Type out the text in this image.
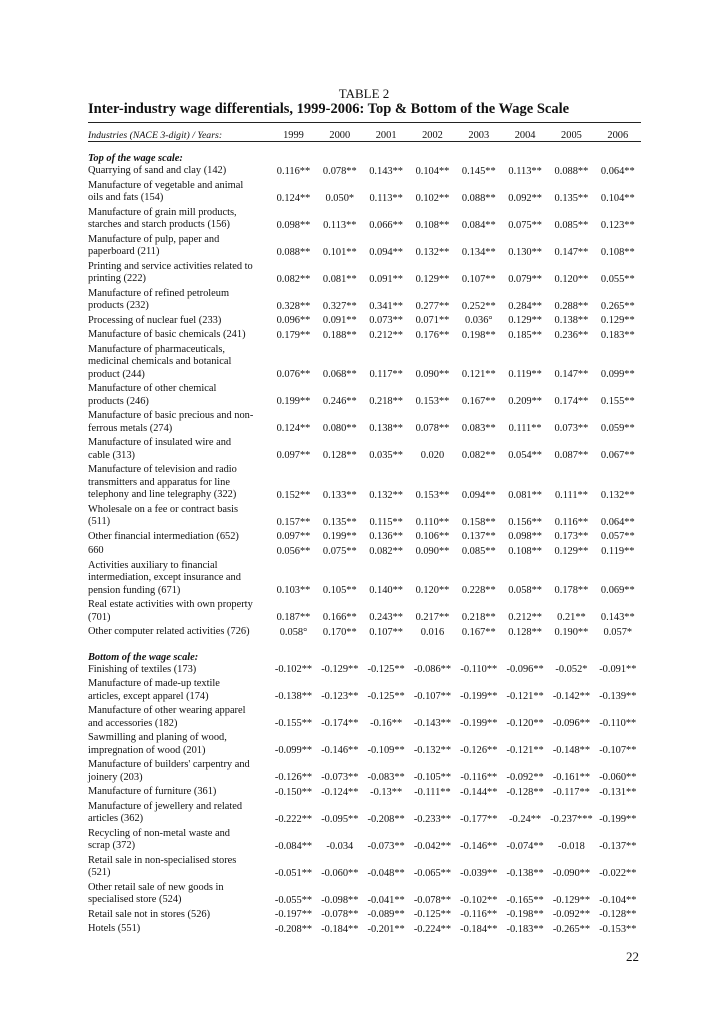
TABLE 2
Inter-industry wage differentials, 1999-2006: Top & Bottom of the Wage Scale
Industries (NACE 3-digit) / Years:	1999	2000	2001	2002	2003	2004	2005	2006

Top of the wage scale:								
Quarrying of sand and clay (142)	0.116**	0.078**	0.143**	0.104**	0.145**	0.113**	0.088**	0.064**
Manufacture of vegetable and animal
oils and fats (154)	0.124**	0.050*	0.113**	0.102**	0.088**	0.092**	0.135**	0.104**
Manufacture of grain mill products,
starches and starch products (156)	0.098**	0.113**	0.066**	0.108**	0.084**	0.075**	0.085**	0.123**
Manufacture of pulp, paper and
paperboard (211)	0.088**	0.101**	0.094**	0.132**	0.134**	0.130**	0.147**	0.108**
Printing and service activities related to
printing (222)	0.082**	0.081**	0.091**	0.129**	0.107**	0.079**	0.120**	0.055**
Manufacture of refined petroleum
products (232)	0.328**	0.327**	0.341**	0.277**	0.252**	0.284**	0.288**	0.265**
Processing of nuclear fuel (233)	0.096**	0.091**	0.073**	0.071**	0.036°	0.129**	0.138**	0.129**
Manufacture of basic chemicals (241)	0.179**	0.188**	0.212**	0.176**	0.198**	0.185**	0.236**	0.183**
Manufacture of pharmaceuticals,
medicinal chemicals and botanical
product (244)	0.076**	0.068**	0.117**	0.090**	0.121**	0.119**	0.147**	0.099**
Manufacture of other chemical
products (246)	0.199**	0.246**	0.218**	0.153**	0.167**	0.209**	0.174**	0.155**
Manufacture of basic precious and non-
ferrous metals (274)	0.124**	0.080**	0.138**	0.078**	0.083**	0.111**	0.073**	0.059**
Manufacture of insulated wire and
cable (313)	0.097**	0.128**	0.035**	0.020	0.082**	0.054**	0.087**	0.067**
Manufacture of television and radio
transmitters and apparatus for line
telephony and line telegraphy (322)	0.152**	0.133**	0.132**	0.153**	0.094**	0.081**	0.111**	0.132**
Wholesale on a fee or contract basis
(511)	0.157**	0.135**	0.115**	0.110**	0.158**	0.156**	0.116**	0.064**
Other financial intermediation (652)	0.097**	0.199**	0.136**	0.106**	0.137**	0.098**	0.173**	0.057**
660	0.056**	0.075**	0.082**	0.090**	0.085**	0.108**	0.129**	0.119**
Activities auxiliary to financial
intermediation, except insurance and
pension funding (671)	0.103**	0.105**	0.140**	0.120**	0.228**	0.058**	0.178**	0.069**
Real estate activities with own property
(701)	0.187**	0.166**	0.243**	0.217**	0.218**	0.212**	0.21**	0.143**
Other computer related activities (726)	0.058°	0.170**	0.107**	0.016	0.167**	0.128**	0.190**	0.057*

Bottom of the wage scale:								
Finishing of textiles (173)	-0.102**	-0.129**	-0.125**	-0.086**	-0.110**	-0.096**	-0.052*	-0.091**
Manufacture of made-up textile
articles, except apparel (174)	-0.138**	-0.123**	-0.125**	-0.107**	-0.199**	-0.121**	-0.142**	-0.139**
Manufacture of other wearing apparel
and accessories (182)	-0.155**	-0.174**	-0.16**	-0.143**	-0.199**	-0.120**	-0.096**	-0.110**
Sawmilling and planing of wood,
impregnation of wood (201)	-0.099**	-0.146**	-0.109**	-0.132**	-0.126**	-0.121**	-0.148**	-0.107**
Manufacture of builders' carpentry and
joinery (203)	-0.126**	-0.073**	-0.083**	-0.105**	-0.116**	-0.092**	-0.161**	-0.060**
Manufacture of furniture (361)	-0.150**	-0.124**	-0.13**	-0.111**	-0.144**	-0.128**	-0.117**	-0.131**
Manufacture of jewellery and related
articles (362)	-0.222**	-0.095**	-0.208**	-0.233**	-0.177**	-0.24**	-0.237***	-0.199**
Recycling of non-metal waste and
scrap (372)	-0.084**	-0.034	-0.073**	-0.042**	-0.146**	-0.074**	-0.018	-0.137**
Retail sale in non-specialised stores
(521)	-0.051**	-0.060**	-0.048**	-0.065**	-0.039**	-0.138**	-0.090**	-0.022**
Other retail sale of new goods in
specialised store (524)	-0.055**	-0.098**	-0.041**	-0.078**	-0.102**	-0.165**	-0.129**	-0.104**
Retail sale not in stores (526)	-0.197**	-0.078**	-0.089**	-0.125**	-0.116**	-0.198**	-0.092**	-0.128**
Hotels (551)	-0.208**	-0.184**	-0.201**	-0.224**	-0.184**	-0.183**	-0.265**	-0.153**
22
